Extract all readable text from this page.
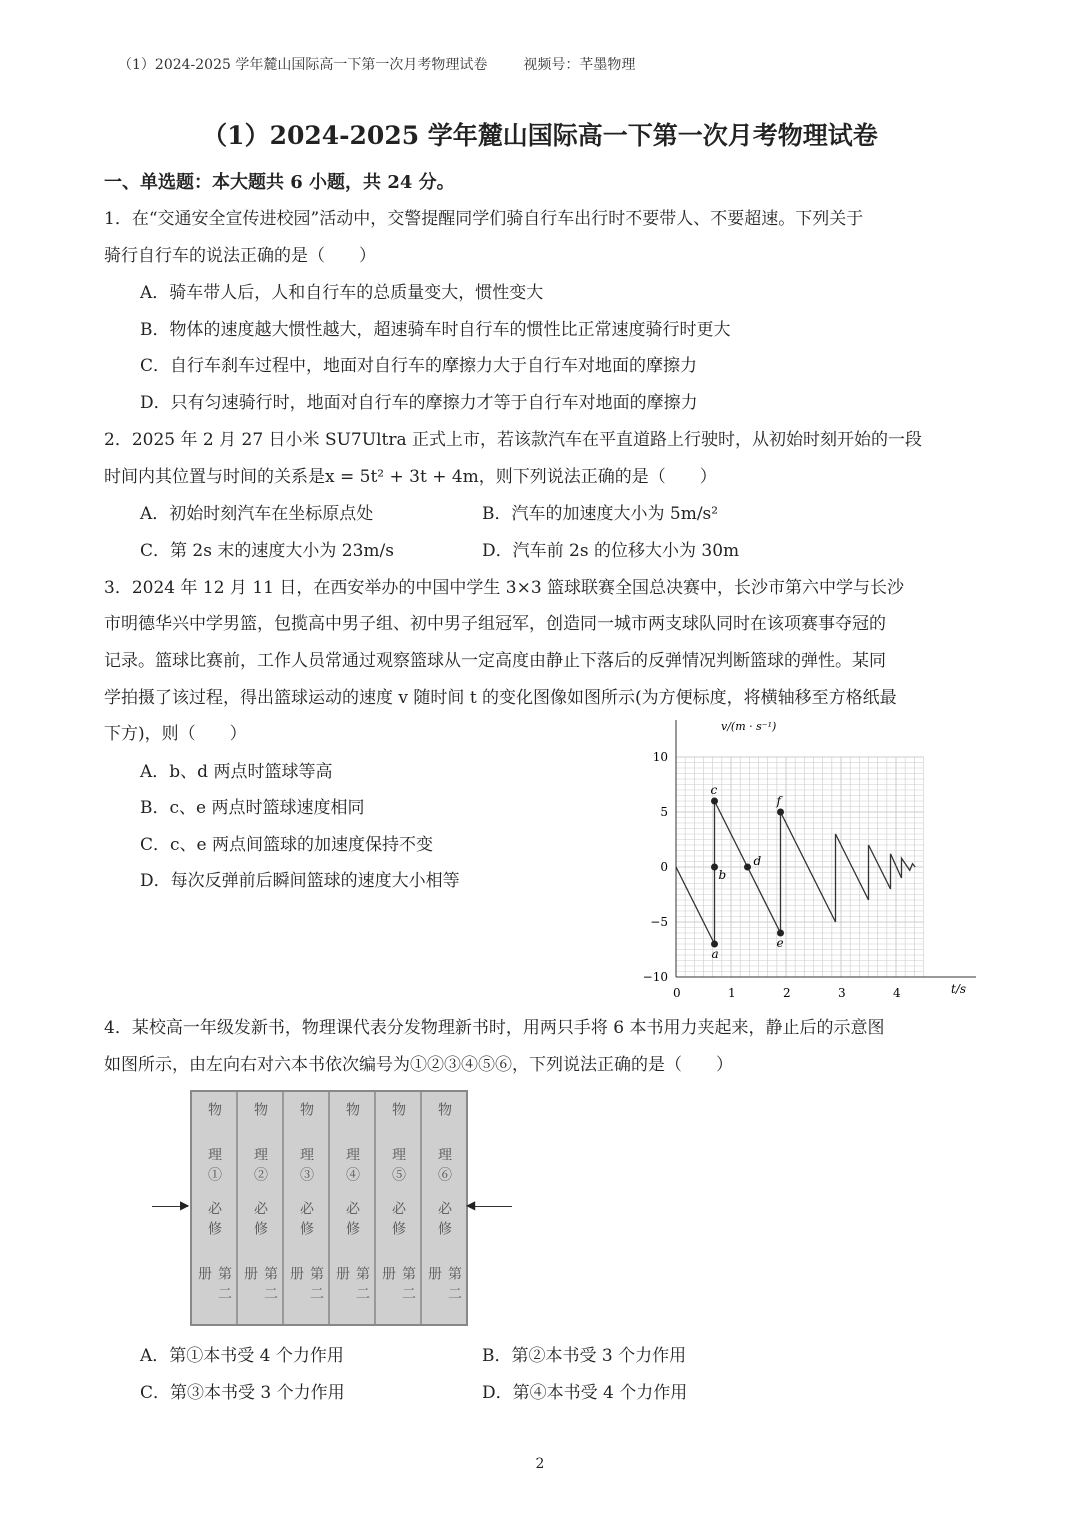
（1）2024-2025 学年麓山国际高一下第一次月考物理试卷	视频号：芊墨物理
（1）2024-2025 学年麓山国际高一下第一次月考物理试卷
一、单选题：本大题共 6 小题，共 24 分。
1．在“交通安全宣传进校园”活动中，交警提醒同学们骑自行车出行时不要带人、不要超速。下列关于
骑行自行车的说法正确的是（　　）
A．骑车带人后，人和自行车的总质量变大，惯性变大
B．物体的速度越大惯性越大，超速骑车时自行车的惯性比正常速度骑行时更大
C．自行车刹车过程中，地面对自行车的摩擦力大于自行车对地面的摩擦力
D．只有匀速骑行时，地面对自行车的摩擦力才等于自行车对地面的摩擦力
2．2025 年 2 月 27 日小米 SU7Ultra 正式上市，若该款汽车在平直道路上行驶时，从初始时刻开始的一段
时间内其位置与时间的关系是x = 5t² + 3t + 4m，则下列说法正确的是（　　）
A．初始时刻汽车在坐标原点处	B．汽车的加速度大小为 5m/s²
C．第 2s 末的速度大小为 23m/s	D．汽车前 2s 的位移大小为 30m
3．2024 年 12 月 11 日，在西安举办的中国中学生 3×3 篮球联赛全国总决赛中，长沙市第六中学与长沙
市明德华兴中学男篮，包揽高中男子组、初中男子组冠军，创造同一城市两支球队同时在该项赛事夺冠的
记录。篮球比赛前，工作人员常通过观察篮球从一定高度由静止下落后的反弹情况判断篮球的弹性。某同
学拍摄了该过程，得出篮球运动的速度 v 随时间 t 的变化图像如图所示(为方便标度，将横轴移至方格纸最
下方)，则（　　）
A．b、d 两点时篮球等高
B．c、e 两点时篮球速度相同
C．c、e 两点间篮球的加速度保持不变
D．每次反弹前后瞬间篮球的速度大小相等
v/(m · s⁻¹)
t/s
0	1	2	3	4
10
5
0
−5
−10
a
b
c
d
e
f
4．某校高一年级发新书，物理课代表分发物理新书时，用两只手将 6 本书用力夹起来，静止后的示意图
如图所示，由左向右对六本书依次编号为①②③④⑤⑥，下列说法正确的是（　　）
▶
物
理①
必修
第二册
物
理②
必修
第二册
物
理③
必修
第二册
物
理④
必修
第二册
物
理⑤
必修
第二册
物
理⑥
必修
第二册
◀
A．第①本书受 4 个力作用	B．第②本书受 3 个力作用
C．第③本书受 3 个力作用	D．第④本书受 4 个力作用
2
